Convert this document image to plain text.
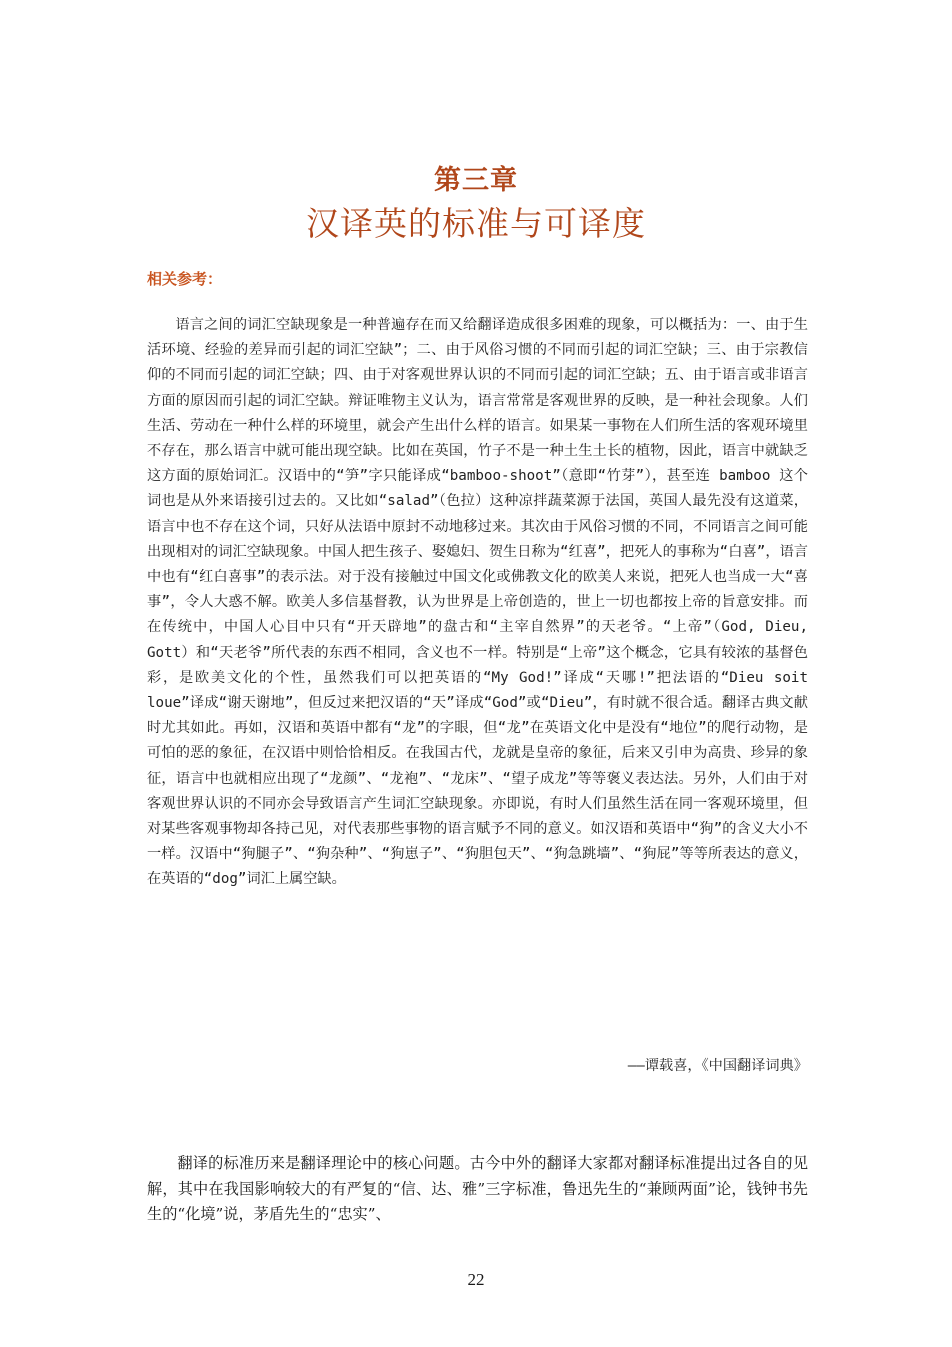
第三章
汉译英的标准与可译度
相关参考：
语言之间的词汇空缺现象是一种普遍存在而又给翻译造成很多困难的现象，可以概括为：一、由于生活环境、经验的差异而引起的词汇空缺”；二、由于风俗习惯的不同而引起的词汇空缺；三、由于宗教信仰的不同而引起的词汇空缺；四、由于对客观世界认识的不同而引起的词汇空缺；五、由于语言或非语言方面的原因而引起的词汇空缺。辩证唯物主义认为，语言常常是客观世界的反映，是一种社会现象。人们生活、劳动在一种什么样的环境里，就会产生出什么样的语言。如果某一事物在人们所生活的客观环境里不存在，那么语言中就可能出现空缺。比如在英国，竹子不是一种土生土长的植物，因此，语言中就缺乏这方面的原始词汇。汉语中的“笋”字只能译成“bamboo-shoot”（意即“竹芽”），甚至连 bamboo 这个词也是从外来语接引过去的。又比如“salad”（色拉）这种凉拌蔬菜源于法国，英国人最先没有这道菜，语言中也不存在这个词，只好从法语中原封不动地移过来。其次由于风俗习惯的不同，不同语言之间可能出现相对的词汇空缺现象。中国人把生孩子、娶媳妇、贺生日称为“红喜”，把死人的事称为“白喜”，语言中也有“红白喜事”的表示法。对于没有接触过中国文化或佛教文化的欧美人来说，把死人也当成一大“喜事”，令人大惑不解。欧美人多信基督教，认为世界是上帝创造的，世上一切也都按上帝的旨意安排。而在传统中，中国人心目中只有“开天辟地”的盘古和“主宰自然界”的天老爷。“上帝”（God, Dieu, Gott）和“天老爷”所代表的东西不相同，含义也不一样。特别是“上帝”这个概念，它具有较浓的基督色彩，是欧美文化的个性，虽然我们可以把英语的“My God!”译成“天哪!”把法语的“Dieu soit loue”译成“谢天谢地”，但反过来把汉语的“天”译成“God”或“Dieu”，有时就不很合适。翻译古典文献时尤其如此。再如，汉语和英语中都有“龙”的字眼，但“龙”在英语文化中是没有“地位”的爬行动物，是可怕的恶的象征，在汉语中则恰恰相反。在我国古代，龙就是皇帝的象征，后来又引申为高贵、珍异的象征，语言中也就相应出现了“龙颜”、“龙袍”、“龙床”、“望子成龙”等等褒义表达法。另外，人们由于对客观世界认识的不同亦会导致语言产生词汇空缺现象。亦即说，有时人们虽然生活在同一客观环境里，但对某些客观事物却各持己见，对代表那些事物的语言赋予不同的意义。如汉语和英语中“狗”的含义大小不一样。汉语中“狗腿子”、“狗杂种”、“狗崽子”、“狗胆包天”、“狗急跳墙”、“狗屁”等等所表达的意义，在英语的“dog”词汇上属空缺。
——谭载喜，《中国翻译词典》
翻译的标准历来是翻译理论中的核心问题。古今中外的翻译大家都对翻译标准提出过各自的见解，其中在我国影响较大的有严复的“信、达、雅”三字标准，鲁迅先生的“兼顾两面”论，钱钟书先生的“化境”说，茅盾先生的“忠实”、
22
